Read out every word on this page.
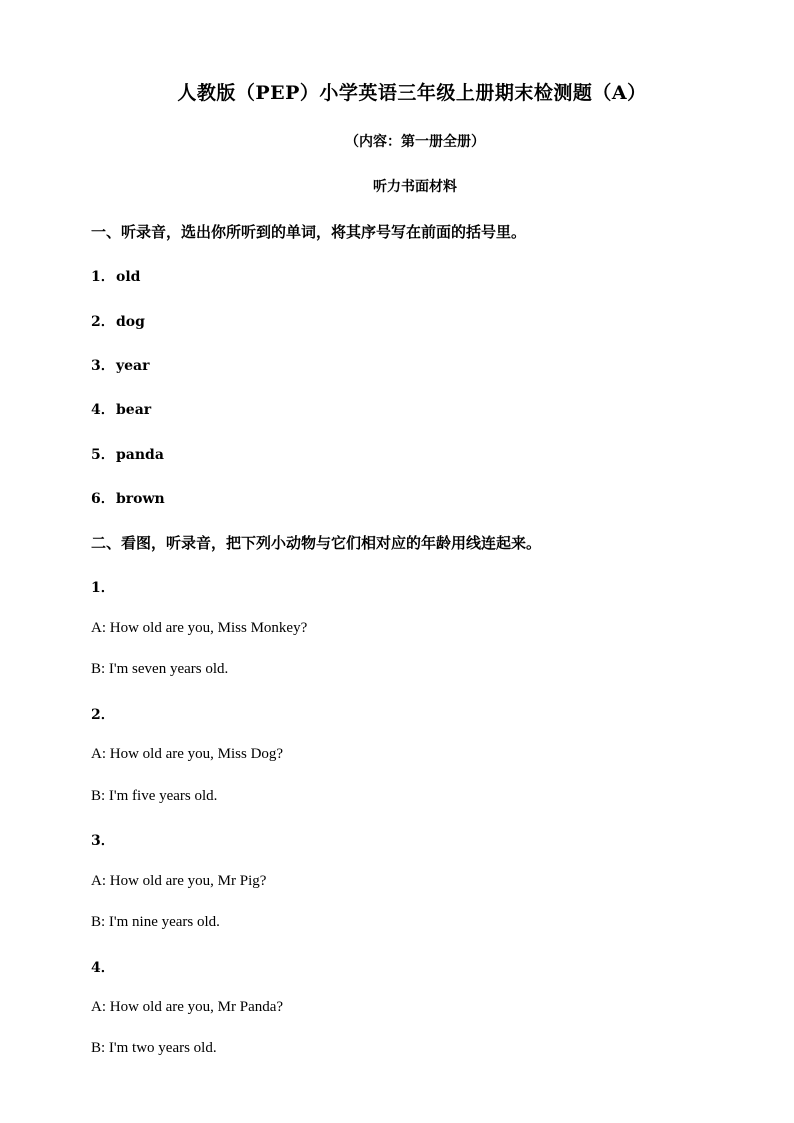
人教版（PEP）小学英语三年级上册期末检测题（A）
（内容：第一册全册）
听力书面材料
一、听录音，选出你所听到的单词，将其序号写在前面的括号里。
1．old
2．dog
3．year
4．bear
5．panda
6．brown
二、看图，听录音，把下列小动物与它们相对应的年龄用线连起来。
1．
A: How old are you, Miss Monkey?
B: I'm seven years old.
2．
A: How old are you, Miss Dog?
B: I'm five years old.
3．
A: How old are you, Mr Pig?
B: I'm nine years old.
4．
A: How old are you, Mr Panda?
B: I'm two years old.
